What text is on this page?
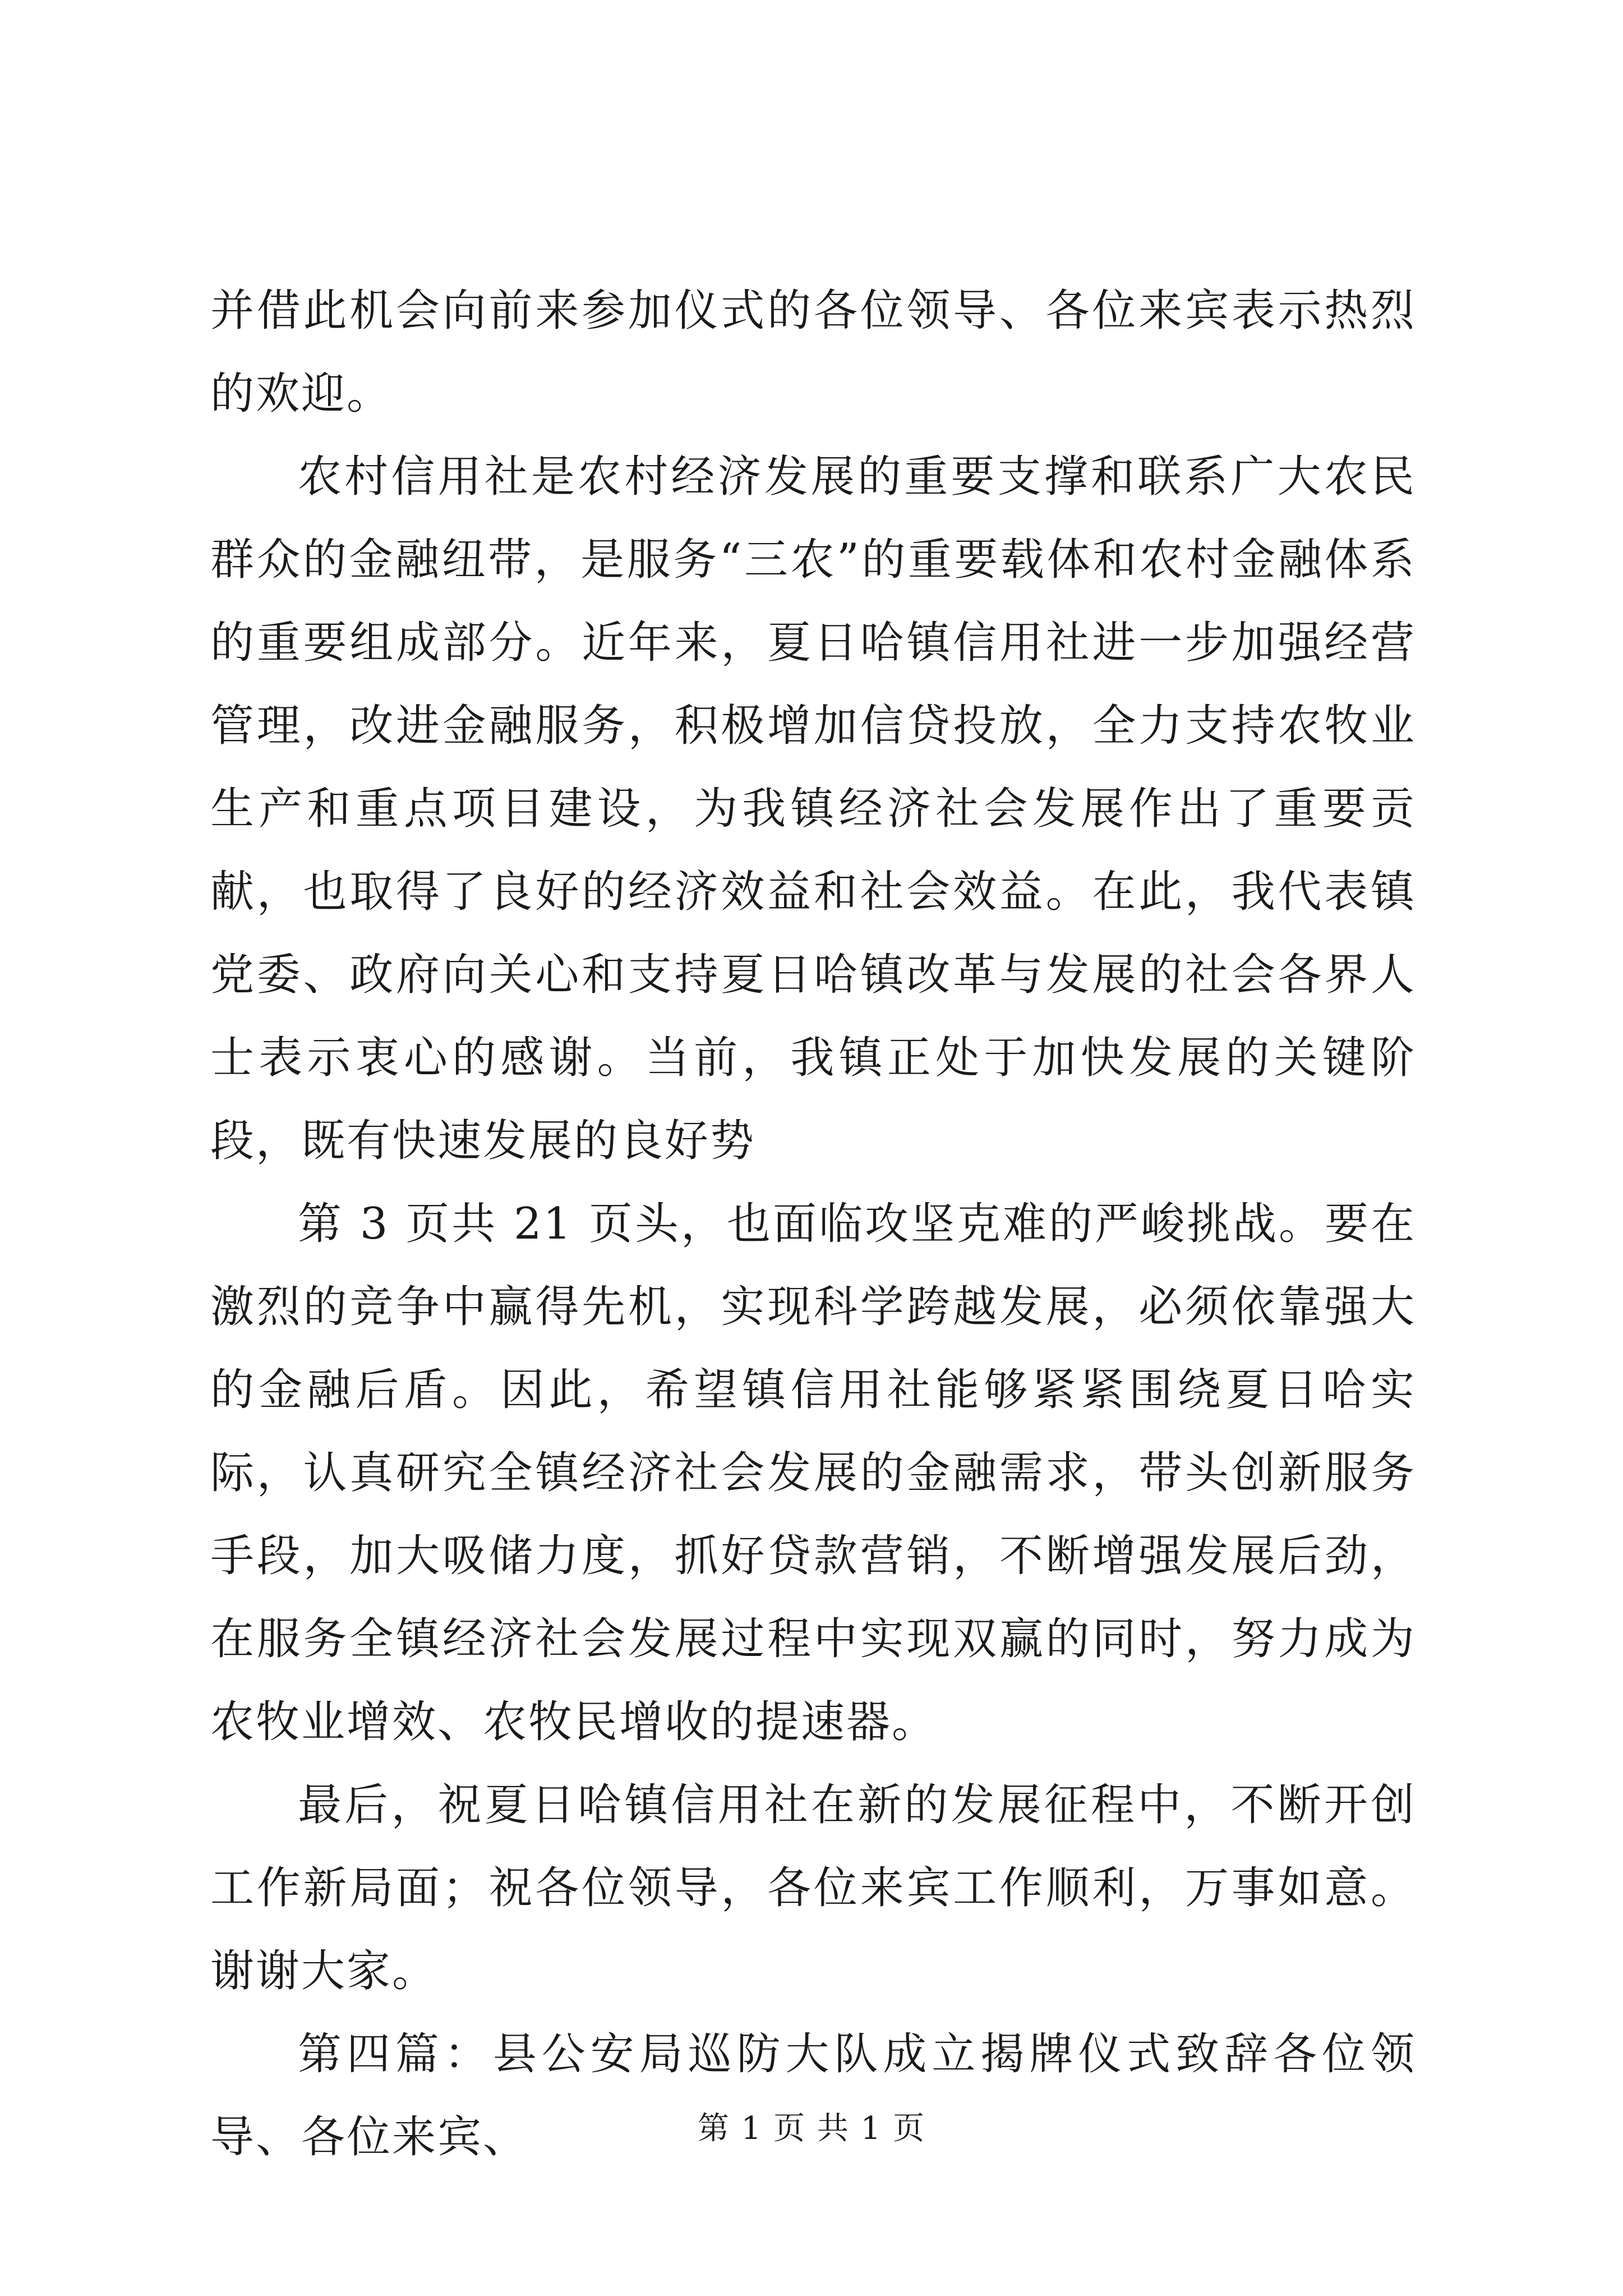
并借此机会向前来参加仪式的各位领导、各位来宾表示热烈的欢迎。

农村信用社是农村经济发展的重要支撑和联系广大农民群众的金融纽带，是服务“三农”的重要载体和农村金融体系的重要组成部分。近年来，夏日哈镇信用社进一步加强经营管理，改进金融服务，积极增加信贷投放，全力支持农牧业生产和重点项目建设，为我镇经济社会发展作出了重要贡献，也取得了良好的经济效益和社会效益。在此，我代表镇党委、政府向关心和支持夏日哈镇改革与发展的社会各界人士表示衷心的感谢。当前，我镇正处于加快发展的关键阶段，既有快速发展的良好势

第 3 页共 21 页头，也面临攻坚克难的严峻挑战。要在激烈的竞争中赢得先机，实现科学跨越发展，必须依靠强大的金融后盾。因此，希望镇信用社能够紧紧围绕夏日哈实际，认真研究全镇经济社会发展的金融需求，带头创新服务手段，加大吸储力度，抓好贷款营销，不断增强发展后劲，在服务全镇经济社会发展过程中实现双赢的同时，努力成为农牧业增效、农牧民增收的提速器。

最后，祝夏日哈镇信用社在新的发展征程中，不断开创工作新局面；祝各位领导，各位来宾工作顺利，万事如意。谢谢大家。

第四篇：县公安局巡防大队成立揭牌仪式致辞各位领导、各位来宾、	第 1 页 共 1 页
